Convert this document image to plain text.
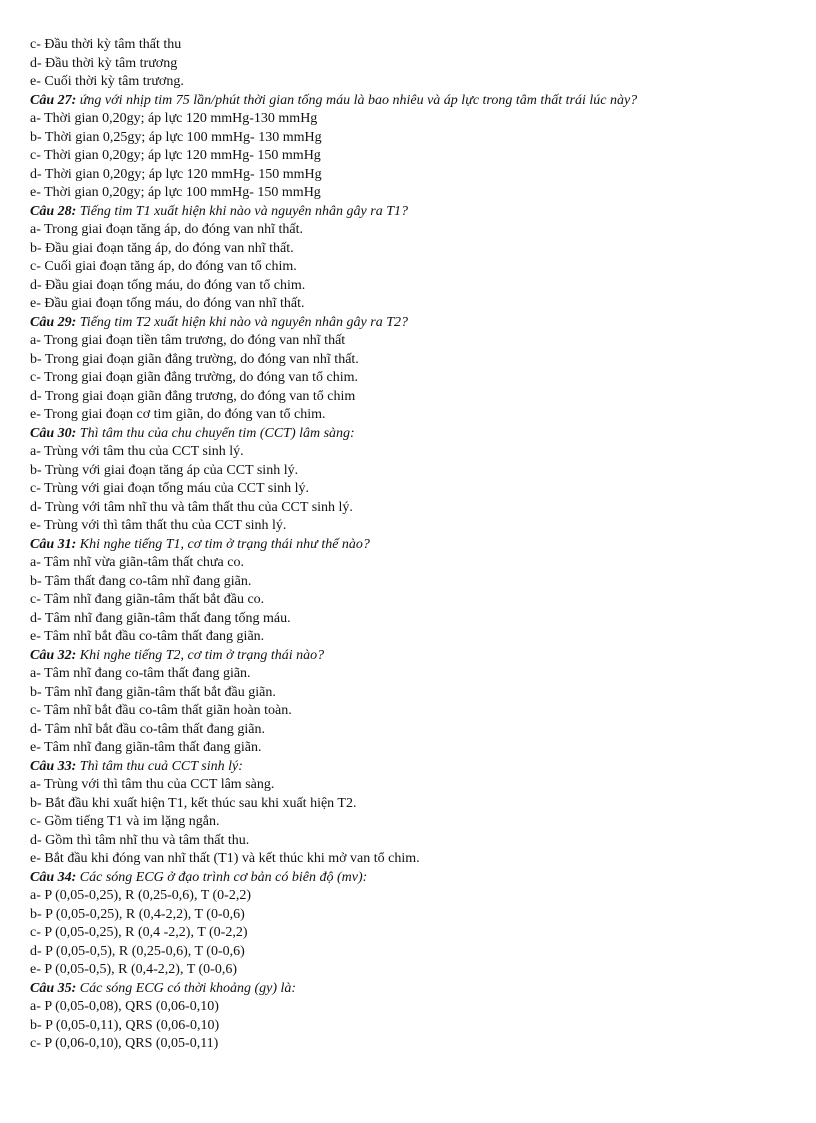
c- Đầu thời kỳ tâm thất thu
d- Đầu thời kỳ tâm trương
e- Cuối thời kỳ tâm trương.
Câu 27: ứng với nhịp tim 75 lần/phút thời gian tống máu là bao nhiêu và áp lực trong tâm thất trái lúc này?
a- Thời gian 0,20gy; áp lực 120 mmHg-130 mmHg
b- Thời gian 0,25gy; áp lực 100 mmHg- 130 mmHg
c- Thời gian 0,20gy; áp lực 120 mmHg- 150 mmHg
d- Thời gian 0,20gy; áp lực 120 mmHg- 150 mmHg
e- Thời gian 0,20gy; áp lực 100 mmHg- 150 mmHg
Câu 28: Tiếng tim T1 xuất hiện khi nào và nguyên nhân gây ra T1?
a- Trong giai đoạn tăng áp, do đóng van nhĩ thất.
b- Đầu giai đoạn tăng áp, do đóng van nhĩ thất.
c- Cuối giai đoạn tăng áp, do đóng van tổ chim.
d- Đầu giai đoạn tống máu, do đóng van tổ chim.
e- Đầu giai đoạn tống máu, do đóng van nhĩ thất.
Câu 29: Tiếng tim T2 xuất hiện khi nào và nguyên nhân gây ra T2?
a- Trong giai đoạn tiền tâm trương, do đóng van nhĩ thất
b- Trong giai đoạn giãn đẳng trường, do đóng van nhĩ thất.
c- Trong giai đoạn giãn đẳng trường, do đóng van tổ chim.
d- Trong giai đoạn giãn đẳng trương, do đóng van tổ chim
e- Trong giai đoạn cơ tim giãn, do đóng van tổ chim.
Câu 30: Thì tâm thu của chu chuyển tim (CCT) lâm sàng:
a- Trùng với tâm thu của CCT sinh lý.
b- Trùng với giai đoạn tăng áp của CCT sinh lý.
c- Trùng với giai đoạn tống máu của CCT sinh lý.
d- Trùng với tâm nhĩ thu và tâm thất thu của CCT sinh lý.
e- Trùng với thì tâm thất thu của CCT sinh lý.
Câu 31: Khi nghe tiếng T1, cơ tim ở trạng thái như thế nào?
a- Tâm nhĩ vừa giãn-tâm thất chưa co.
b- Tâm thất đang co-tâm nhĩ đang giãn.
c- Tâm nhĩ đang giãn-tâm thất bắt đầu co.
d- Tâm nhĩ đang giãn-tâm thất đang tống máu.
e- Tâm nhĩ bắt đầu co-tâm thất đang giãn.
Câu 32: Khi nghe tiếng T2, cơ tim ở trạng thái nào?
a- Tâm nhĩ đang co-tâm thất đang giãn.
b- Tâm nhĩ đang giãn-tâm thất bắt đầu giãn.
c- Tâm nhĩ bắt đầu co-tâm thất giãn hoàn toàn.
d- Tâm nhĩ bắt đầu co-tâm thất đang giãn.
e- Tâm nhĩ đang giãn-tâm thất đang giãn.
Câu 33: Thì tâm thu cuả CCT sinh lý:
a- Trùng với thì tâm thu của CCT lâm sàng.
b- Bắt đầu khi xuất hiện T1, kết thúc sau khi xuất hiện T2.
c- Gồm tiếng T1 và im lặng ngắn.
d- Gồm thì tâm nhĩ thu và tâm thất thu.
e- Bắt đầu khi đóng van nhĩ thất (T1) và kết thúc khi mở van tổ chim.
Câu 34: Các sóng ECG ở đạo trình cơ bản có biên độ (mv):
a- P (0,05-0,25), R (0,25-0,6), T (0-2,2)
b- P (0,05-0,25), R (0,4-2,2), T (0-0,6)
c- P (0,05-0,25), R (0,4 -2,2), T (0-2,2)
d- P (0,05-0,5), R (0,25-0,6), T (0-0,6)
e- P (0,05-0,5), R (0,4-2,2), T (0-0,6)
Câu 35: Các sóng ECG có thời khoảng (gy) là:
a- P (0,05-0,08), QRS (0,06-0,10)
b- P (0,05-0,11), QRS (0,06-0,10)
c- P (0,06-0,10), QRS (0,05-0,11)
